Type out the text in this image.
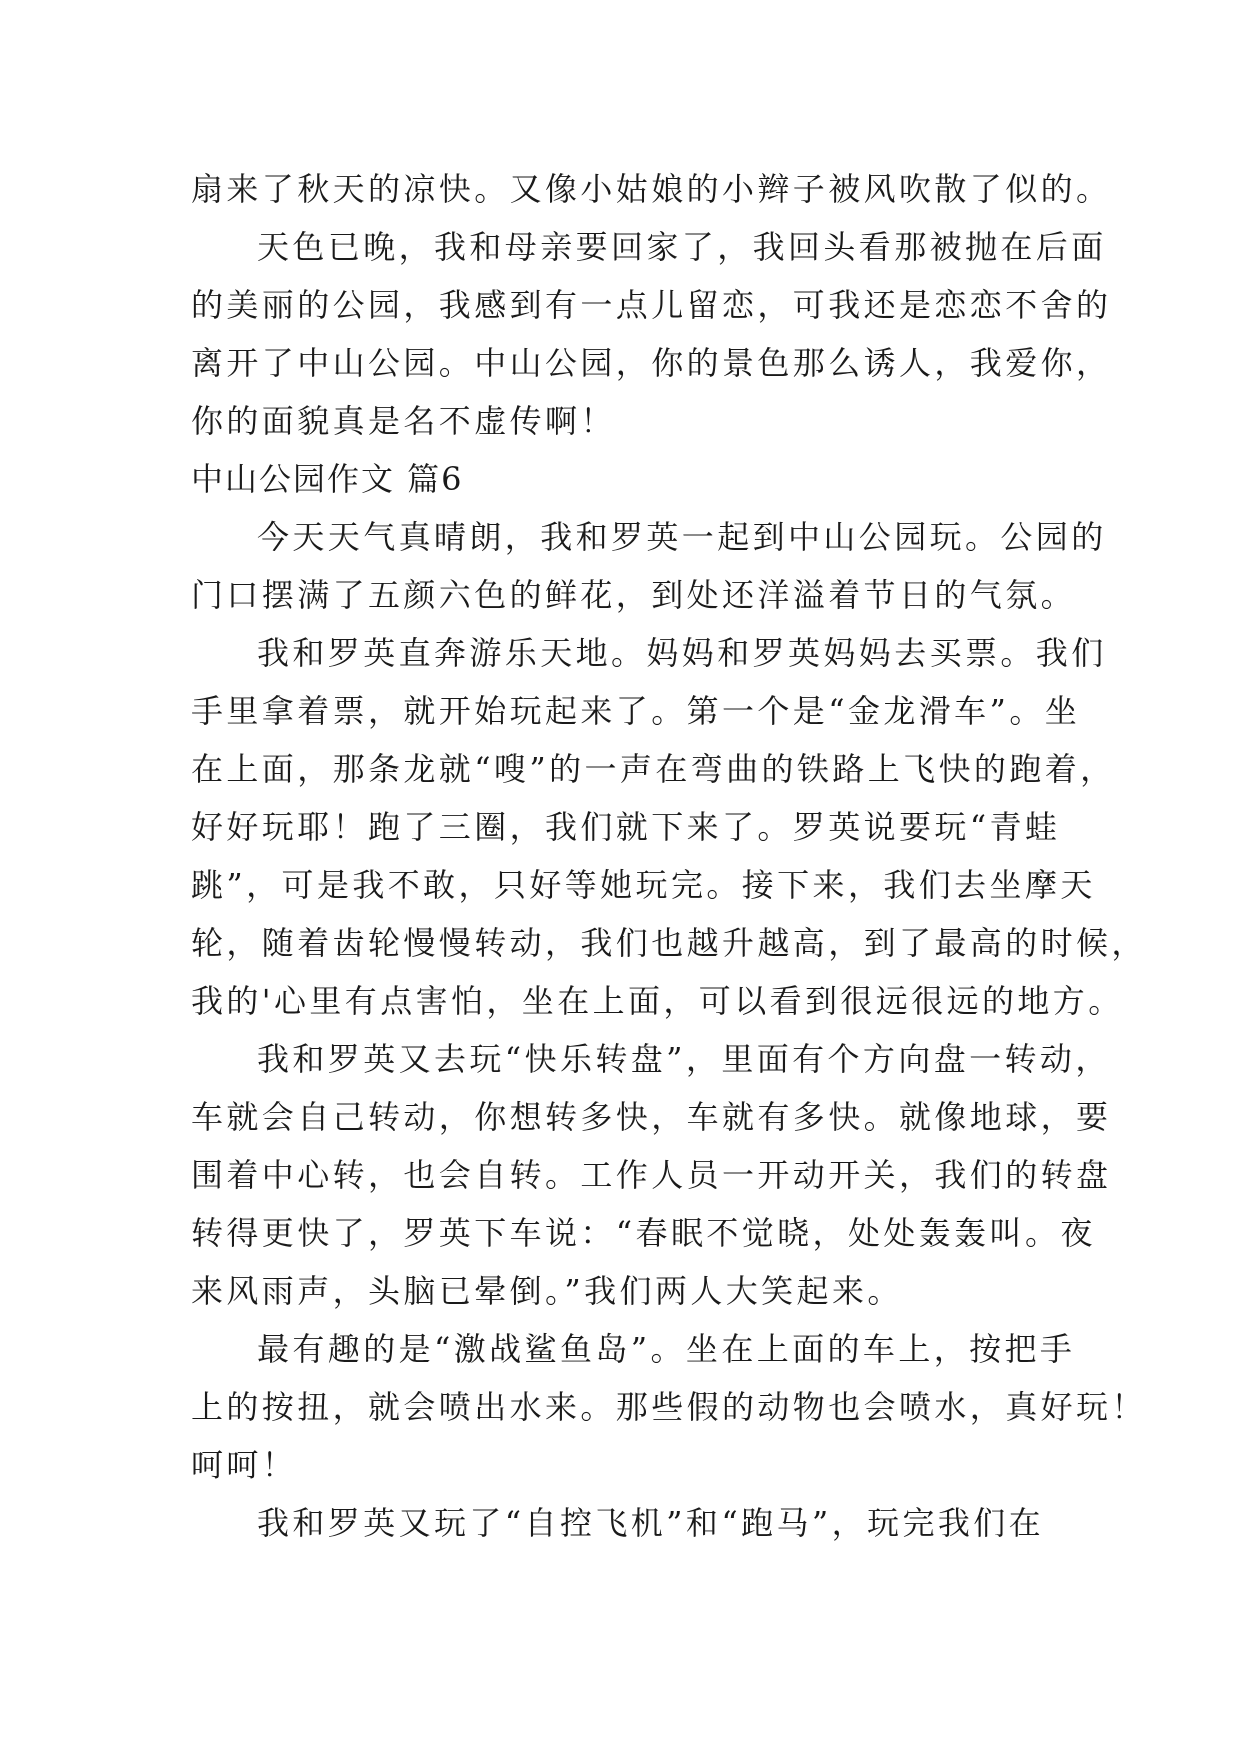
扇来了秋天的凉快。又像小姑娘的小辫子被风吹散了似的。
天色已晚，我和母亲要回家了，我回头看那被抛在后面
的美丽的公园，我感到有一点儿留恋，可我还是恋恋不舍的
离开了中山公园。中山公园，你的景色那么诱人，我爱你，
你的面貌真是名不虚传啊！
中山公园作文 篇6
今天天气真晴朗，我和罗英一起到中山公园玩。公园的
门口摆满了五颜六色的鲜花，到处还洋溢着节日的气氛。
我和罗英直奔游乐天地。妈妈和罗英妈妈去买票。我们
手里拿着票，就开始玩起来了。第一个是“金龙滑车”。坐
在上面，那条龙就“嗖”的一声在弯曲的铁路上飞快的跑着，
好好玩耶！跑了三圈，我们就下来了。罗英说要玩“青蛙
跳”，可是我不敢，只好等她玩完。接下来，我们去坐摩天
轮，随着齿轮慢慢转动，我们也越升越高，到了最高的时候，
我的'心里有点害怕，坐在上面，可以看到很远很远的地方。
我和罗英又去玩“快乐转盘”，里面有个方向盘一转动，
车就会自己转动，你想转多快，车就有多快。就像地球，要
围着中心转，也会自转。工作人员一开动开关，我们的转盘
转得更快了，罗英下车说：“春眠不觉晓，处处轰轰叫。夜
来风雨声，头脑已晕倒。”我们两人大笑起来。
最有趣的是“激战鲨鱼岛”。坐在上面的车上，按把手
上的按扭，就会喷出水来。那些假的动物也会喷水，真好玩！
呵呵！
我和罗英又玩了“自控飞机”和“跑马”，玩完我们在
